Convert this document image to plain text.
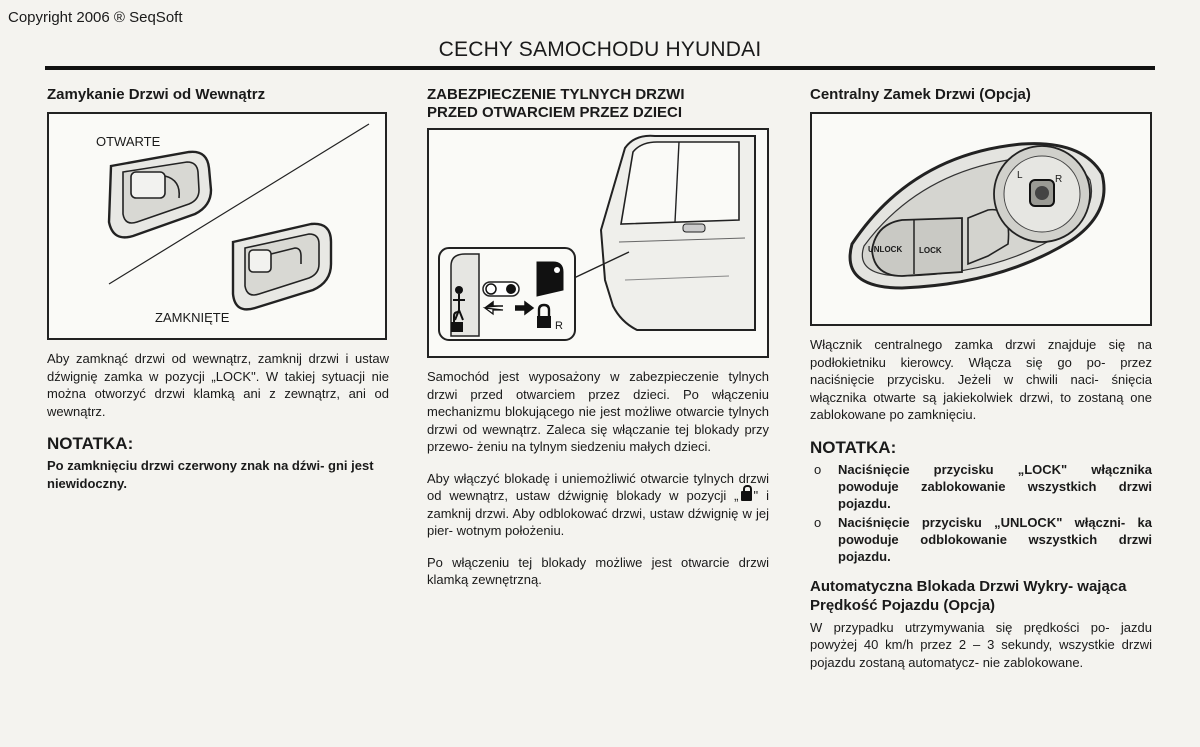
Copyright 2006 ® SeqSoft
CECHY SAMOCHODU HYUNDAI
Zamykanie Drzwi od Wewnątrz
OTWARTE
ZAMKNIĘTE

Aby zamknąć drzwi od wewnątrz, zamknij drzwi i ustaw dźwignię zamka w pozycji „LOCK". W takiej sytuacji nie można otworzyć drzwi klamką ani z zewnątrz, ani od wewnątrz.

NOTATKA:

Po zamknięciu drzwi czerwony znak na dźwi- gni jest niewidoczny.

ZABEZPIECZENIE TYLNYCH DRZWI
PRZED OTWARCIEM PRZEZ DZIECI
R

Samochód jest wyposażony w zabezpieczenie tylnych drzwi przed otwarciem przez dzieci. Po włączeniu mechanizmu blokującego nie jest możliwe otwarcie tylnych drzwi od wewnątrz. Zaleca się włączanie tej blokady przy przewo- żeniu na tylnym siedzeniu małych dzieci.

Aby włączyć blokadę i uniemożliwić otwarcie tylnych drzwi od wewnątrz, ustaw dźwignię blokady w pozycji „ " i zamknij drzwi. Aby odblokować drzwi, ustaw dźwignię w jej pier- wotnym położeniu.

Po włączeniu tej blokady możliwe jest otwarcie drzwi klamką zewnętrzną.

Centralny Zamek Drzwi (Opcja)
UNLOCK LOCK
L	R

Włącznik centralnego zamka drzwi znajduje się na podłokietniku kierowcy. Włącza się go po- przez naciśnięcie przycisku. Jeżeli w chwili naci- śnięcia włącznika otwarte są jakiekolwiek drzwi, to zostaną one zablokowane po zamknięciu.

NOTATKA:
o Naciśnięcie przycisku „LOCK" włącznika powoduje zablokowanie wszystkich drzwi pojazdu.
o Naciśnięcie przycisku „UNLOCK" włączni- ka powoduje odblokowanie wszystkich drzwi pojazdu.
Automatyczna Blokada Drzwi Wykry- wająca Prędkość Pojazdu (Opcja)

W przypadku utrzymywania się prędkości po- jazdu powyżej 40 km/h przez 2 – 3 sekundy, wszystkie drzwi pojazdu zostaną automatycz- nie zablokowane.
